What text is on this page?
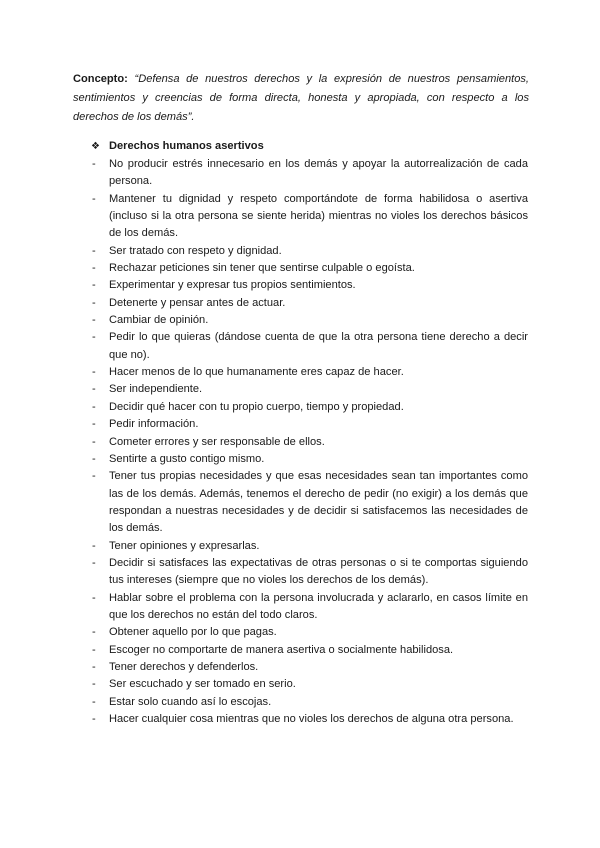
Concepto: “Defensa de nuestros derechos y la expresión de nuestros pensamientos, sentimientos y creencias de forma directa, honesta y apropiada, con respecto a los derechos de los demás”.

❖ Derechos humanos asertivos

- No producir estrés innecesario en los demás y apoyar la autorrealización de cada persona.
- Mantener tu dignidad y respeto comportándote de forma habilidosa o asertiva (incluso si la otra persona se siente herida) mientras no violes los derechos básicos de los demás.
- Ser tratado con respeto y dignidad.
- Rechazar peticiones sin tener que sentirse culpable o egoísta.
- Experimentar y expresar tus propios sentimientos.
- Detenerte y pensar antes de actuar.
- Cambiar de opinión.
- Pedir lo que quieras (dándose cuenta de que la otra persona tiene derecho a decir que no).
- Hacer menos de lo que humanamente eres capaz de hacer.
- Ser independiente.
- Decidir qué hacer con tu propio cuerpo, tiempo y propiedad.
- Pedir información.
- Cometer errores y ser responsable de ellos.
- Sentirte a gusto contigo mismo.
- Tener tus propias necesidades y que esas necesidades sean tan importantes como las de los demás. Además, tenemos el derecho de pedir (no exigir) a los demás que respondan a nuestras necesidades y de decidir si satisfacemos las necesidades de los demás.
- Tener opiniones y expresarlas.
- Decidir si satisfaces las expectativas de otras personas o si te comportas siguiendo tus intereses (siempre que no violes los derechos de los demás).
- Hablar sobre el problema con la persona involucrada y aclararlo, en casos límite en que los derechos no están del todo claros.
- Obtener aquello por lo que pagas.
- Escoger no comportarte de manera asertiva o socialmente habilidosa.
- Tener derechos y defenderlos.
- Ser escuchado y ser tomado en serio.
- Estar solo cuando así lo escojas.
- Hacer cualquier cosa mientras que no violes los derechos de alguna otra persona.
